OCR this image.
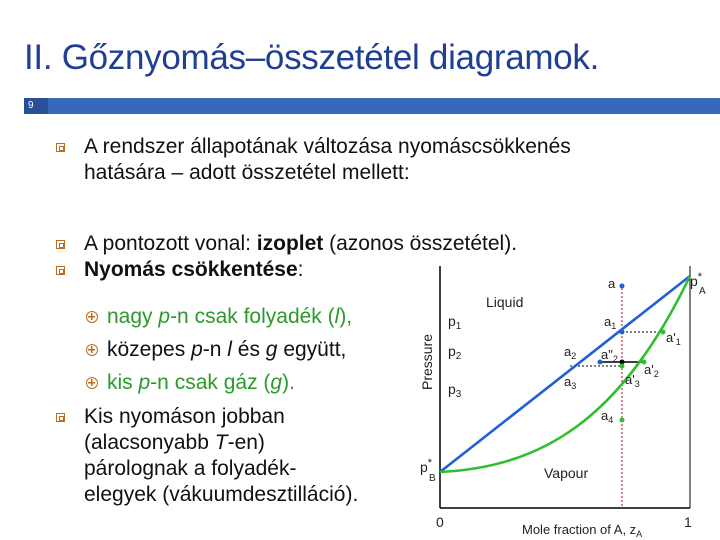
II. Gőznyomás–összetétel diagramok.
9
A rendszer állapotának változása nyomáscsökkenés
hatására – adott összetétel mellett:
A pontozott vonal: izoplet (azonos összetétel).
Nyomás csökkentése:
nagy p-n csak folyadék (l),
közepes p-n l és g együtt,
kis p-n csak gáz (g).
Kis nyomáson jobban
(alacsonyabb T-en)
párolognak a folyadék-
elegyek (vákuumdesztilláció).
Pressure
$p_1$
$p_2$
$p_3$
p*
B
p*
A
Liquid
Vapour
a
$a_1$
$a_2$ $a"_2$
$a'_1$
$a'_2$
$a'_3$
$a_3$
$a_4$
0	1
Mole fraction of A, $z_A$
